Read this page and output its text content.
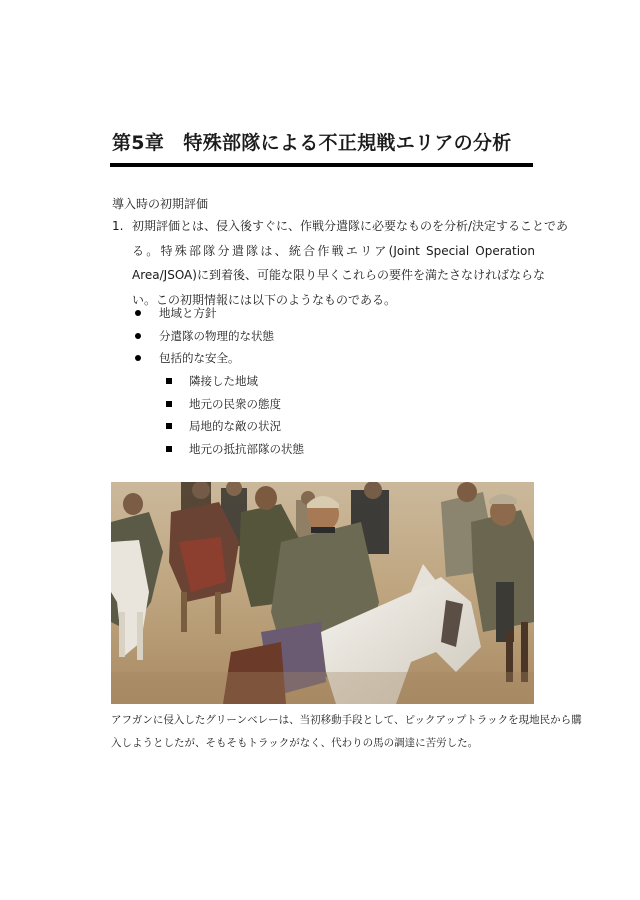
第5章　特殊部隊による不正規戦エリアの分析
導入時の初期評価
1. 初期評価とは、侵入後すぐに、作戦分遣隊に必要なものを分析/決定することであ
る。特殊部隊分遣隊は、統合作戦エリア(Joint Special Operation
Area/JSOA)に到着後、可能な限り早くこれらの要件を満たさなければならな
い。この初期情報には以下のようなものである。
地域と方針
分遣隊の物理的な状態
包括的な安全。
隣接した地域
地元の民衆の態度
局地的な敵の状況
地元の抵抗部隊の状態
アフガンに侵入したグリーンベレーは、当初移動手段として、ピックアップトラックを現地民から購
入しようとしたが、そもそもトラックがなく、代わりの馬の調達に苦労した。
